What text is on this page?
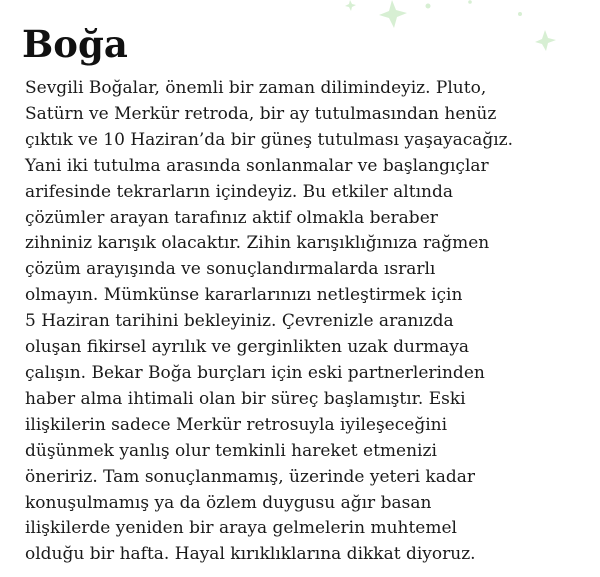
Boğa

Sevgili Boğalar, önemli bir zaman dilimindeyiz. Pluto,
Satürn ve Merkür retroda, bir ay tutulmasından henüz
çıktık ve 10 Haziran’da bir güneş tutulması yaşayacağız.
Yani iki tutulma arasında sonlanmalar ve başlangıçlar
arifesinde tekrarların içindeyiz. Bu etkiler altında
çözümler arayan tarafınız aktif olmakla beraber
zihniniz karışık olacaktır. Zihin karışıklığınıza rağmen
çözüm arayışında ve sonuçlandırmalarda ısrarlı
olmayın. Mümkünse kararlarınızı netleştirmek için
5 Haziran tarihini bekleyiniz. Çevrenizle aranızda
oluşan fikirsel ayrılık ve gerginlikten uzak durmaya
çalışın. Bekar Boğa burçları için eski partnerlerinden
haber alma ihtimali olan bir süreç başlamıştır. Eski
ilişkilerin sadece Merkür retrosuyla iyileşeceğini
düşünmek yanlış olur temkinli hareket etmenizi
öneririz. Tam sonuçlanmamış, üzerinde yeteri kadar
konuşulmamış ya da özlem duygusu ağır basan
ilişkilerde yeniden bir araya gelmelerin muhtemel
olduğu bir hafta. Hayal kırıklıklarına dikkat diyoruz.
